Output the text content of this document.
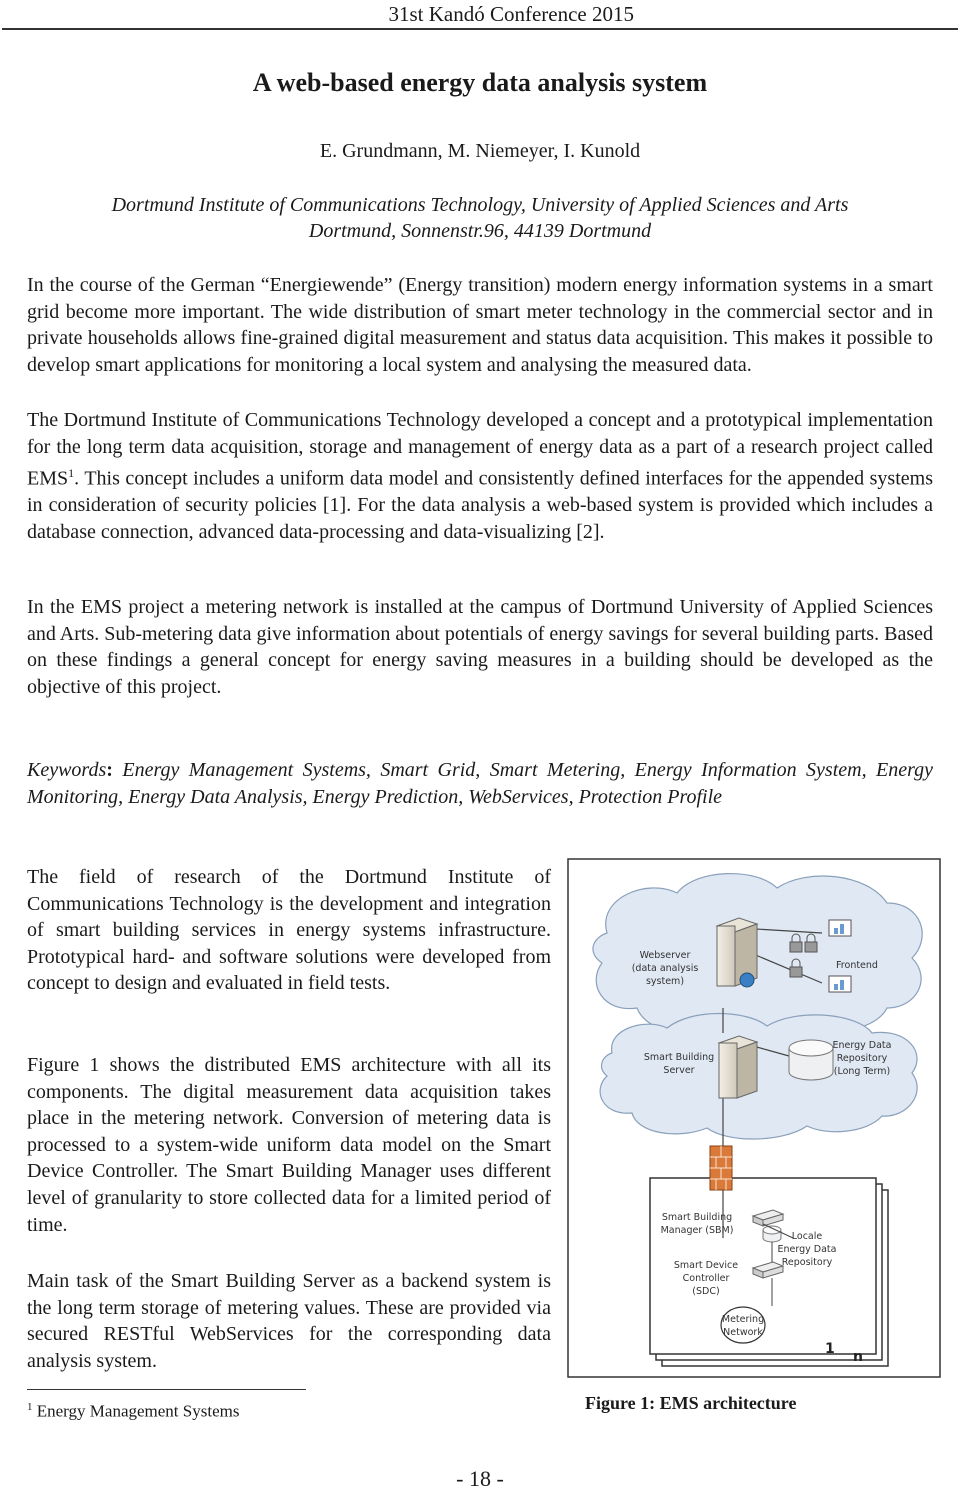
31st Kandó Conference 2015
A web-based energy data analysis system
E. Grundmann, M. Niemeyer, I. Kunold
Dortmund Institute of Communications Technology, University of Applied Sciences and Arts
Dortmund, Sonnenstr.96, 44139 Dortmund

In the course of the German “Energiewende” (Energy transition) modern energy information systems in a smart grid become more important. The wide distribution of smart meter technology in the commercial sector and in private households allows fine-grained digital measurement and status data acquisition. This makes it possible to develop smart applications for monitoring a local system and analysing the measured data.

The Dortmund Institute of Communications Technology developed a concept and a prototypical implementation for the long term data acquisition, storage and management of energy data as a part of a research project called EMS$^1$. This concept includes a uniform data model and consistently defined interfaces for the appended systems in consideration of security policies [1]. For the data analysis a web-based system is provided which includes a database connection, advanced data-processing and data-visualizing [2].

In the EMS project a metering network is installed at the campus of Dortmund University of Applied Sciences and Arts. Sub-metering data give information about potentials of energy savings for several building parts. Based on these findings a general concept for energy saving measures in a building should be developed as the objective of this project.

Keywords: Energy Management Systems, Smart Grid, Smart Metering, Energy Information System, Energy Monitoring, Energy Data Analysis, Energy Prediction, WebServices, Protection Profile

The field of research of the Dortmund Institute of Communications Technology is the development and integration of smart building services in energy systems infrastructure. Prototypical hard- and software solutions were developed from concept to design and evaluated in field tests.

Figure 1 shows the distributed EMS architecture with all its components. The digital measurement data acquisition takes place in the metering network. Conversion of metering data is processed to a system-wide uniform data model on the Smart Device Controller. The Smart Building Manager uses different level of granularity to store collected data for a limited period of time.

Main task of the Smart Building Server as a backend system is the long term storage of metering values. These are provided via secured RESTful WebServices for the corresponding data analysis system.

Webserver (data analysis system)
Frontend
Smart Building Server
Energy Data Repository (Long Term)
Smart Building Manager (SBM)
Smart Device Controller (SDC)
Locale Energy Data Repository
Metering Network
1 n
Figure 1: EMS architecture
$^1$ Energy Management Systems
- 18 -
